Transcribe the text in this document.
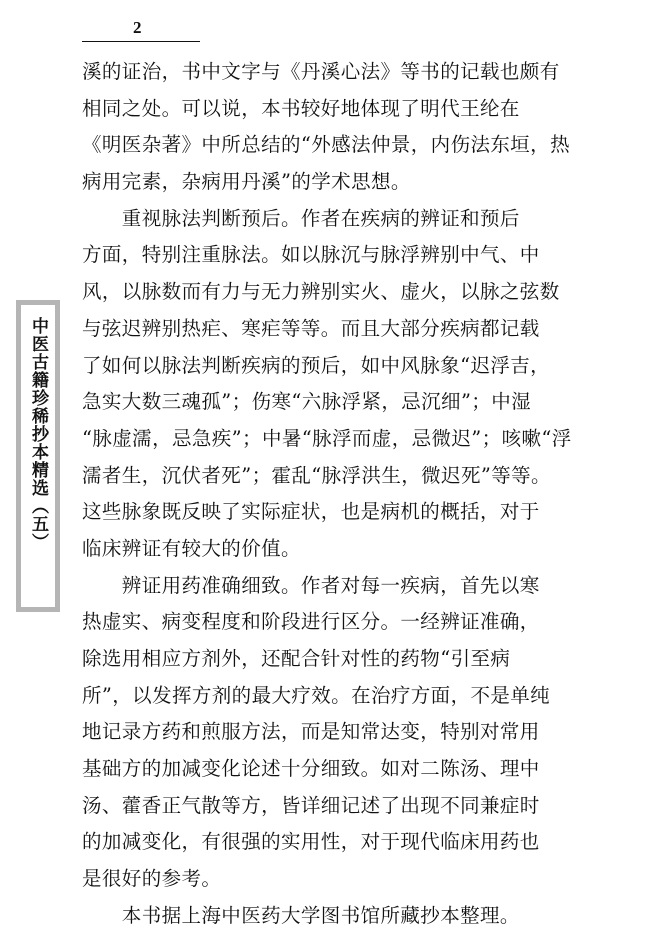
2
中医古籍珍稀抄本精选（五）
溪的证治，书中文字与《丹溪心法》等书的记载也颇有
相同之处。可以说，本书较好地体现了明代王纶在
《明医杂著》中所总结的“外感法仲景，内伤法东垣，热
病用完素，杂病用丹溪”的学术思想。
　　重视脉法判断预后。作者在疾病的辨证和预后
方面，特别注重脉法。如以脉沉与脉浮辨别中气、中
风，以脉数而有力与无力辨别实火、虚火，以脉之弦数
与弦迟辨别热疟、寒疟等等。而且大部分疾病都记载
了如何以脉法判断疾病的预后，如中风脉象“迟浮吉，
急实大数三魂孤”；伤寒“六脉浮紧，忌沉细”；中湿
“脉虚濡，忌急疾”；中暑“脉浮而虚，忌微迟”；咳嗽“浮
濡者生，沉伏者死”；霍乱“脉浮洪生，微迟死”等等。
这些脉象既反映了实际症状，也是病机的概括，对于
临床辨证有较大的价值。
　　辨证用药准确细致。作者对每一疾病，首先以寒
热虚实、病变程度和阶段进行区分。一经辨证准确，
除选用相应方剂外，还配合针对性的药物“引至病
所”，以发挥方剂的最大疗效。在治疗方面，不是单纯
地记录方药和煎服方法，而是知常达变，特别对常用
基础方的加减变化论述十分细致。如对二陈汤、理中
汤、藿香正气散等方，皆详细记述了出现不同兼症时
的加减变化，有很强的实用性，对于现代临床用药也
是很好的参考。
　　本书据上海中医药大学图书馆所藏抄本整理。
